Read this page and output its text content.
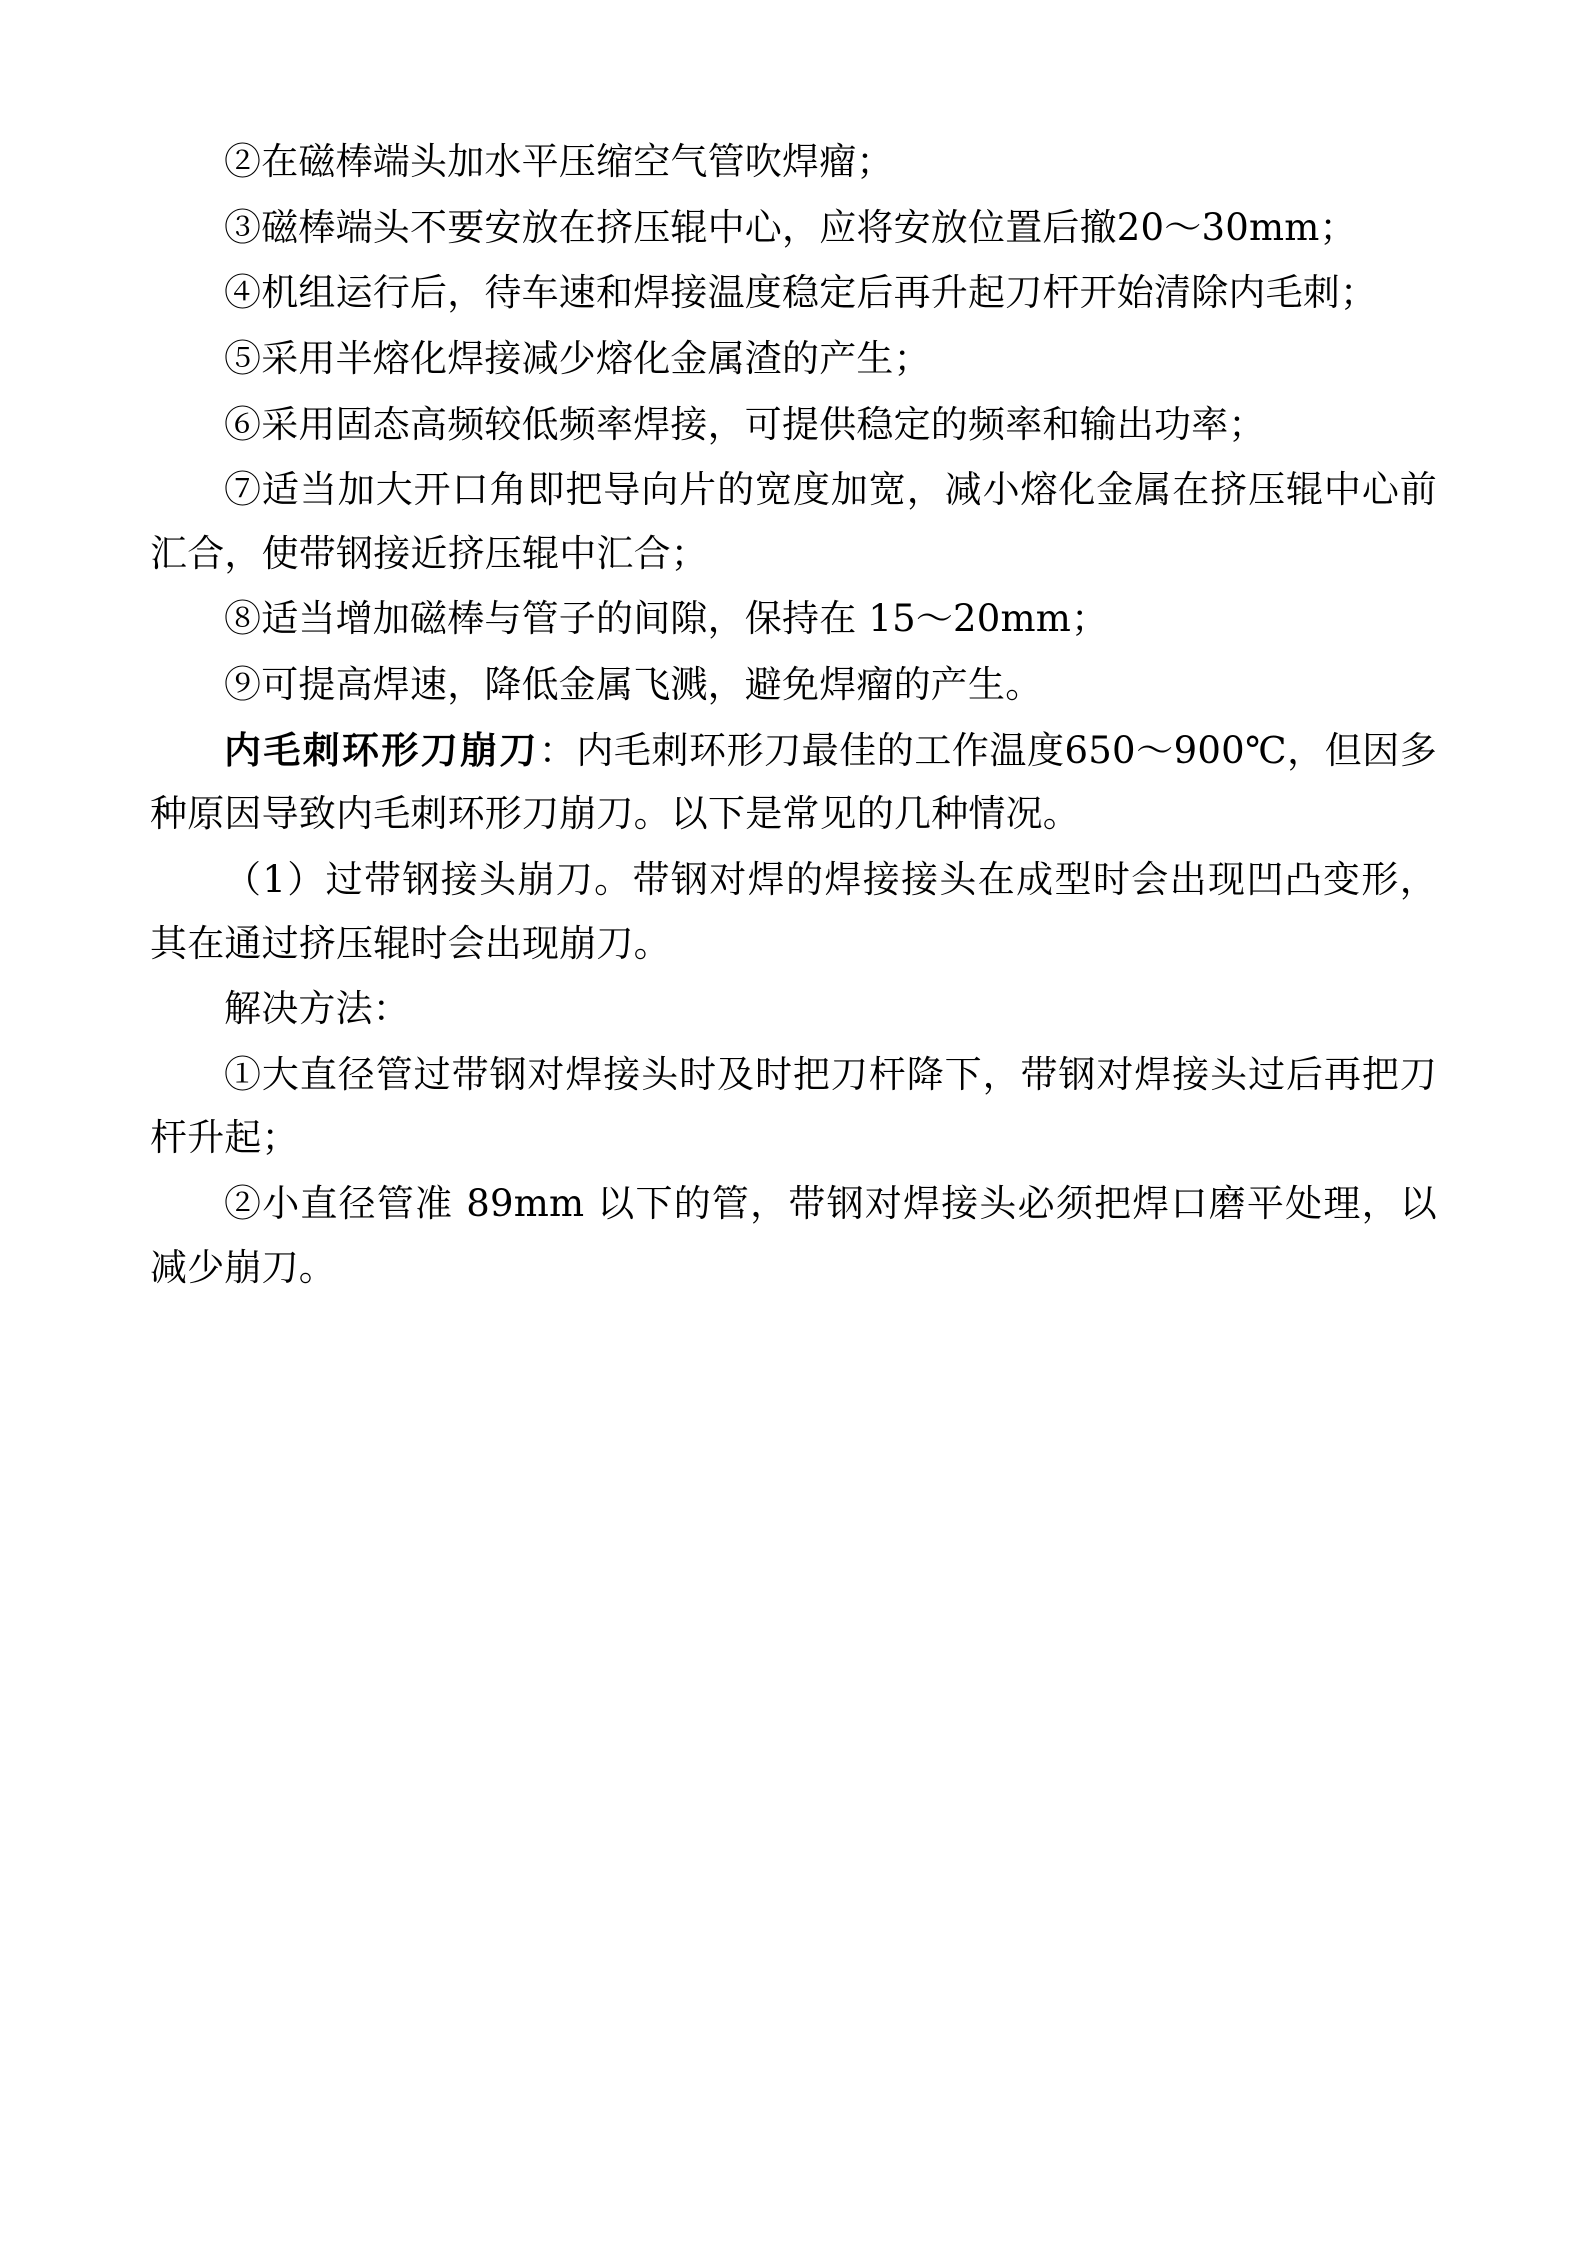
②在磁棒端头加水平压缩空气管吹焊瘤；

③磁棒端头不要安放在挤压辊中心，应将安放位置后撤20～30mm；

④机组运行后，待车速和焊接温度稳定后再升起刀杆开始清除内毛刺；

⑤采用半熔化焊接减少熔化金属渣的产生；

⑥采用固态高频较低频率焊接，可提供稳定的频率和输出功率；

⑦适当加大开口角即把导向片的宽度加宽，减小熔化金属在挤压辊中心前汇合，使带钢接近挤压辊中汇合；

⑧适当增加磁棒与管子的间隙，保持在 15～20mm；

⑨可提高焊速，降低金属飞溅，避免焊瘤的产生。

内毛刺环形刀崩刀：内毛刺环形刀最佳的工作温度650～900℃，但因多种原因导致内毛刺环形刀崩刀。以下是常见的几种情况。

（1）过带钢接头崩刀。带钢对焊的焊接接头在成型时会出现凹凸变形，其在通过挤压辊时会出现崩刀。

解决方法：

①大直径管过带钢对焊接头时及时把刀杆降下，带钢对焊接头过后再把刀杆升起；

②小直径管准 89mm 以下的管，带钢对焊接头必须把焊口磨平处理，以减少崩刀。
